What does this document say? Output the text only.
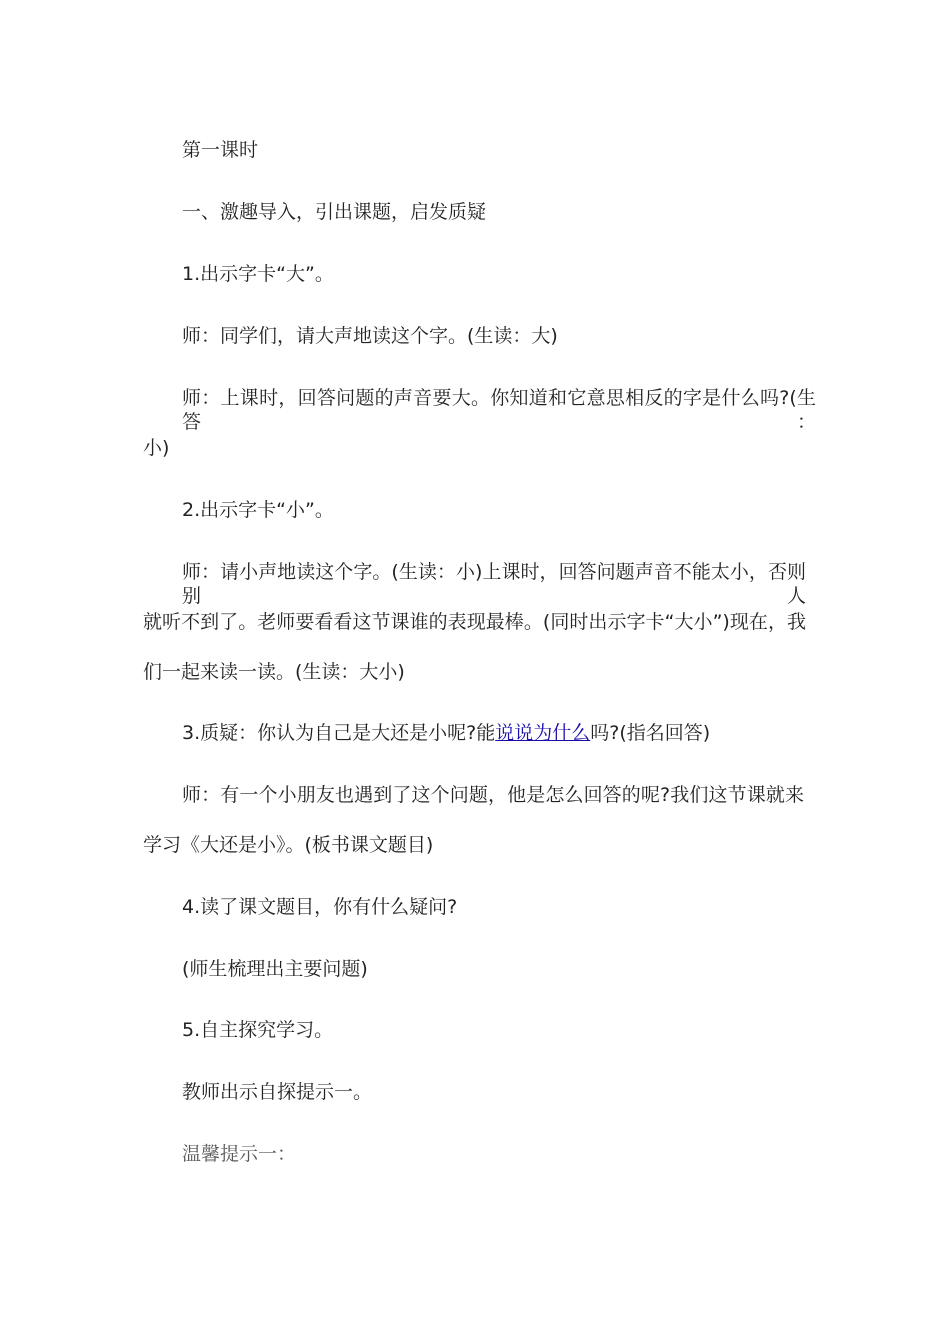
第一课时
一、激趣导入，引出课题，启发质疑
1.出示字卡“大”。
师：同学们，请大声地读这个字。(生读：大)
师：上课时，回答问题的声音要大。你知道和它意思相反的字是什么吗?(生答：
小)
2.出示字卡“小”。
师：请小声地读这个字。(生读：小)上课时，回答问题声音不能太小，否则别人
就听不到了。老师要看看这节课谁的表现最棒。(同时出示字卡“大小”)现在，我
们一起来读一读。(生读：大小)
3.质疑：你认为自己是大还是小呢?能说说为什么吗?(指名回答)
师：有一个小朋友也遇到了这个问题，他是怎么回答的呢?我们这节课就来
学习《大还是小》。(板书课文题目)
4.读了课文题目，你有什么疑问?
(师生梳理出主要问题)
5.自主探究学习。
教师出示自探提示一。
温馨提示一：
